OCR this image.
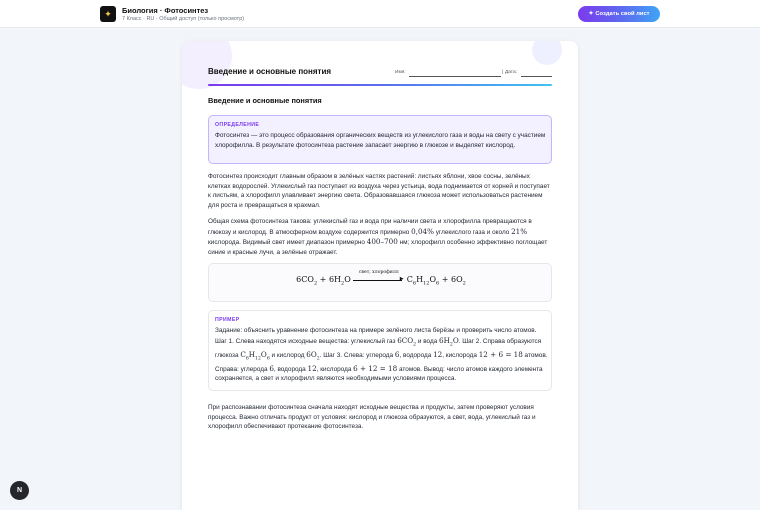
✦	Биология · Фотосинтез
7 Класс · RU · Общий доступ (только просмотр)
✦ Создать свой лист
Введение и основные понятия	Имя:	| Дата:
Введение и основные понятия
ОПРЕДЕЛЕНИЕ
Фотосинтез — это процесс образования органических веществ из углекислого газа и воды на свету с участием хлорофилла. В результате фотосинтеза растение запасает энергию в глюкозе и выделяет кислород.
Фотосинтез происходит главным образом в зелёных частях растений: листьях яблони, хвое сосны, зелёных клетках водорослей. Углекислый газ поступает из воздуха через устьица, вода поднимается от корней и поступает к листьям, а хлорофилл улавливает энергию света. Образовавшаяся глюкоза может использоваться растением для роста и превращаться в крахмал.
Общая схема фотосинтеза такова: углекислый газ и вода при наличии света и хлорофилла превращаются в глюкозу и кислород. В атмосферном воздухе содержится примерно 0,04% углекислого газа и около 21% кислорода. Видимый свет имеет диапазон примерно 400–700 нм; хлорофилл особенно эффективно поглощает синие и красные лучи, а зелёные отражает.
$6CO_2 + 6H_2O$
свет, хлорофилл
▶ $C_6H_{12}O_6 + 6O_2$
ПРИМЕР
Задание: объяснить уравнение фотосинтеза на примере зелёного листа берёзы и проверить число атомов. Шаг 1. Слева находятся исходные вещества: углекислый газ $6CO_2$ и вода $6H_2O$. Шаг 2. Справа образуются глюкоза $C_6H_{12}O_6$ и кислород $6O_2$. Шаг 3. Слева: углерода 6, водорода 12, кислорода 12 + 6 = 18 атомов. Справа: углерода 6, водорода 12, кислорода 6 + 12 = 18 атомов. Вывод: число атомов каждого элемента сохраняется, а свет и хлорофилл являются необходимыми условиями процесса.
При распознавании фотосинтеза сначала находят исходные вещества и продукты, затем проверяют условия процесса. Важно отличать продукт от условия: кислород и глюкоза образуются, а свет, вода, углекислый газ и хлорофилл обеспечивают протекание фотосинтеза.
N
